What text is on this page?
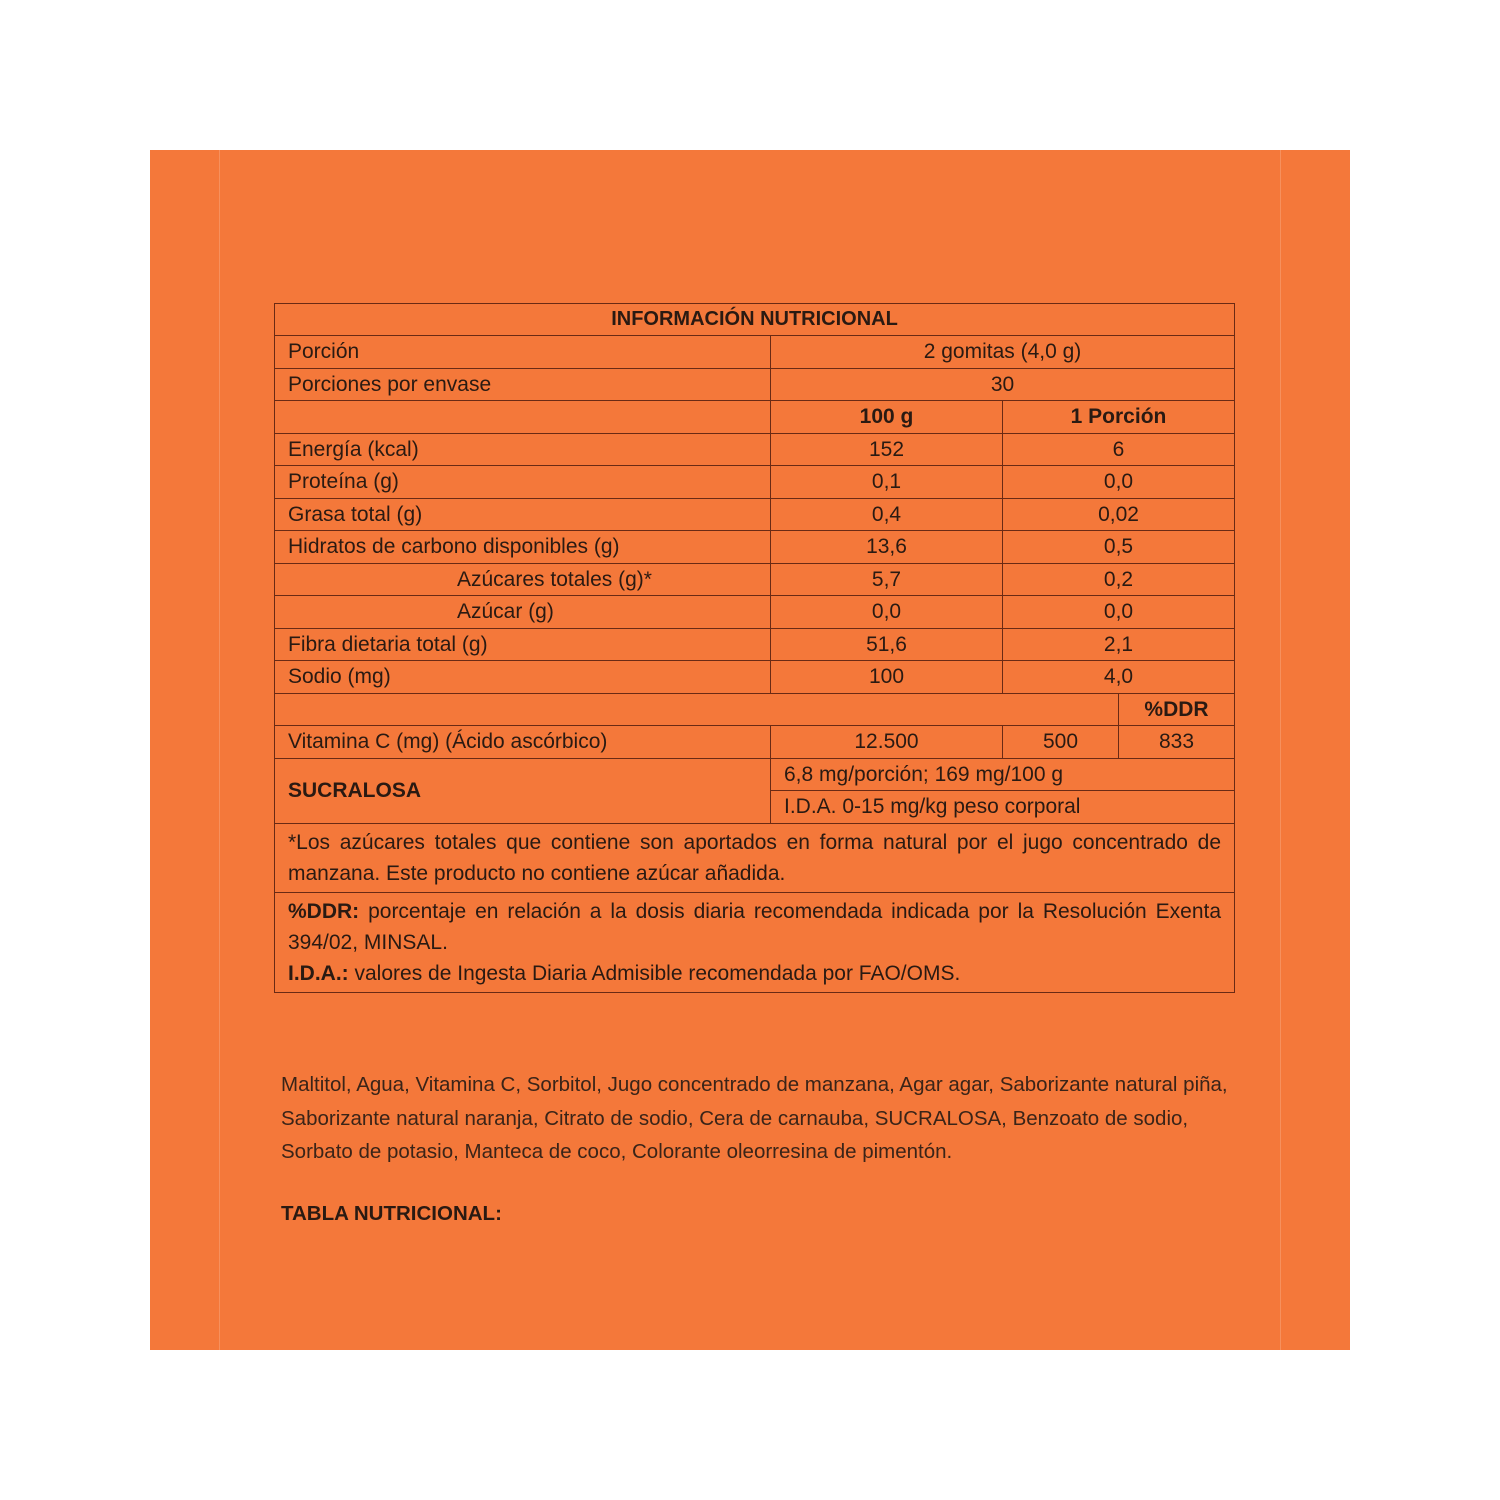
INFORMACIÓN NUTRICIONAL			
Porción	2 gomitas (4,0 g)		
Porciones por envase	30		
	100 g	1 Porción	
Energía (kcal)	152	6	
Proteína (g)	0,1	0,0	
Grasa total (g)	0,4	0,02	
Hidratos de carbono disponibles (g)	13,6	0,5	
Azúcares totales (g)*	5,7	0,2	
Azúcar (g)	0,0	0,0	
Fibra dietaria total (g)	51,6	2,1	
Sodio (mg)	100	4,0	
			%DDR
Vitamina C (mg) (Ácido ascórbico)	12.500	500	833
SUCRALOSA	6,8 mg/porción; 169 mg/100 g		
	I.D.A. 0-15 mg/kg peso corporal		

*Los azúcares totales que contiene son aportados en forma natural por el jugo concentrado de manzana. Este producto no contiene azúcar añadida.			

%DDR: porcentaje en relación a la dosis diaria recomendada indicada por la Resolución Exenta 394/02, MINSAL.

I.D.A.: valores de Ingesta Diaria Admisible recomendada por FAO/OMS.			

Maltitol, Agua, Vitamina C, Sorbitol, Jugo concentrado de manzana, Agar agar, Saborizante natural piña, Saborizante natural naranja, Citrato de sodio, Cera de carnauba, SUCRALOSA, Benzoato de sodio, Sorbato de potasio, Manteca de coco, Colorante oleorresina de pimentón.
TABLA NUTRICIONAL:
